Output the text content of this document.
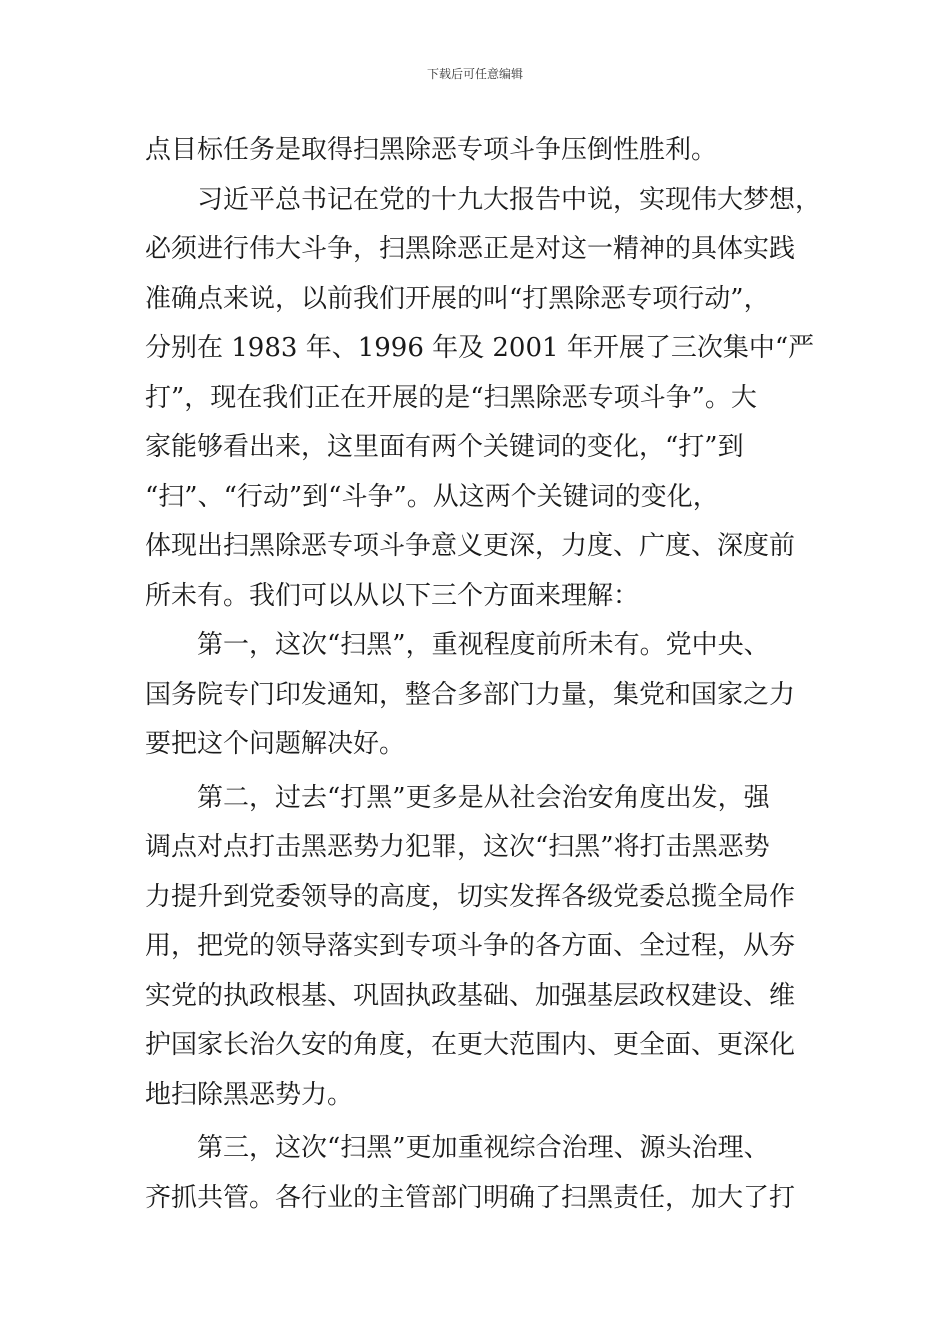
下载后可任意编辑
点目标任务是取得扫黑除恶专项斗争压倒性胜利。
习近平总书记在党的十九大报告中说，实现伟大梦想，
必须进行伟大斗争，扫黑除恶正是对这一精神的具体实践
准确点来说，以前我们开展的叫“打黑除恶专项行动”，
分别在 1983 年、1996 年及 2001 年开展了三次集中“严
打”，现在我们正在开展的是“扫黑除恶专项斗争”。大
家能够看出来，这里面有两个关键词的变化，“打”到
“扫”、“行动”到“斗争”。从这两个关键词的变化，
体现出扫黑除恶专项斗争意义更深，力度、广度、深度前
所未有。我们可以从以下三个方面来理解：
第一，这次“扫黑”，重视程度前所未有。党中央、
国务院专门印发通知，整合多部门力量，集党和国家之力
要把这个问题解决好。
第二，过去“打黑”更多是从社会治安角度出发，强
调点对点打击黑恶势力犯罪，这次“扫黑”将打击黑恶势
力提升到党委领导的高度，切实发挥各级党委总揽全局作
用，把党的领导落实到专项斗争的各方面、全过程，从夯
实党的执政根基、巩固执政基础、加强基层政权建设、维
护国家长治久安的角度，在更大范围内、更全面、更深化
地扫除黑恶势力。
第三，这次“扫黑”更加重视综合治理、源头治理、
齐抓共管。各行业的主管部门明确了扫黑责任，加大了打
